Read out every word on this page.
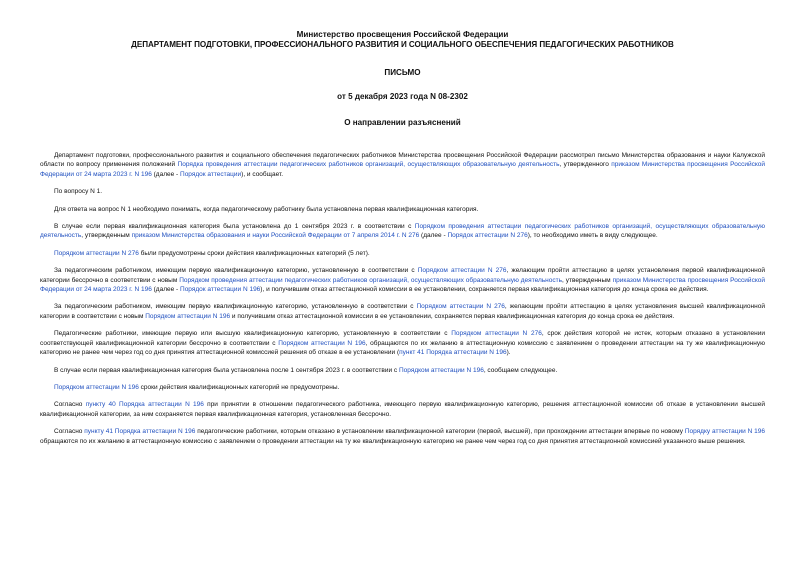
Министерство просвещения Российской Федерации
ДЕПАРТАМЕНТ ПОДГОТОВКИ, ПРОФЕССИОНАЛЬНОГО РАЗВИТИЯ И СОЦИАЛЬНОГО ОБЕСПЕЧЕНИЯ ПЕДАГОГИЧЕСКИХ РАБОТНИКОВ
ПИСЬМО
от 5 декабря 2023 года N 08-2302
О направлении разъяснений

Департамент подготовки, профессионального развития и социального обеспечения педагогических работников Министерства просвещения Российской Федерации рассмотрел письмо Министерства образования и науки Калужской области по вопросу применения положений Порядка проведения аттестации педагогических работников организаций, осуществляющих образовательную деятельность, утвержденного приказом Министерства просвещения Российской Федерации от 24 марта 2023 г. N 196 (далее - Порядок аттестации), и сообщает.

По вопросу N 1.

Для ответа на вопрос N 1 необходимо понимать, когда педагогическому работнику была установлена первая квалификационная категория.

В случае если первая квалификационная категория была установлена до 1 сентября 2023 г. в соответствии с Порядком проведения аттестации педагогических работников организаций, осуществляющих образовательную деятельность, утвержденным приказом Министерства образования и науки Российской Федерации от 7 апреля 2014 г. N 276 (далее - Порядок аттестации N 276), то необходимо иметь в виду следующее.

Порядком аттестации N 276 были предусмотрены сроки действия квалификационных категорий (5 лет).

За педагогическим работником, имеющим первую квалификационную категорию, установленную в соответствии с Порядком аттестации N 276, желающим пройти аттестацию в целях установления первой квалификационной категории бессрочно в соответствии с новым Порядком проведения аттестации педагогических работников организаций, осуществляющих образовательную деятельность, утвержденным приказом Министерства просвещения Российской Федерации от 24 марта 2023 г. N 196 (далее - Порядок аттестации N 196), и получившим отказ аттестационной комиссии в ее установлении, сохраняется первая квалификационная категория до конца срока ее действия.

За педагогическим работником, имеющим первую квалификационную категорию, установленную в соответствии с Порядком аттестации N 276, желающим пройти аттестацию в целях установления высшей квалификационной категории в соответствии с новым Порядком аттестации N 196 и получившим отказ аттестационной комиссии в ее установлении, сохраняется первая квалификационная категория до конца срока ее действия.

Педагогические работники, имеющие первую или высшую квалификационную категорию, установленную в соответствии с Порядком аттестации N 276, срок действия которой не истек, которым отказано в установлении соответствующей квалификационной категории бессрочно в соответствии с Порядком аттестации N 196, обращаются по их желанию в аттестационную комиссию с заявлением о проведении аттестации на ту же квалификационную категорию не ранее чем через год со дня принятия аттестационной комиссией решения об отказе в ее установлении (пункт 41 Порядка аттестации N 196).

В случае если первая квалификационная категория была установлена после 1 сентября 2023 г. в соответствии с Порядком аттестации N 196, сообщаем следующее.

Порядком аттестации N 196 сроки действия квалификационных категорий не предусмотрены.

Согласно пункту 40 Порядка аттестации N 196 при принятии в отношении педагогического работника, имеющего первую квалификационную категорию, решения аттестационной комиссии об отказе в установлении высшей квалификационной категории, за ним сохраняется первая квалификационная категория, установленная бессрочно.

Согласно пункту 41 Порядка аттестации N 196 педагогические работники, которым отказано в установлении квалификационной категории (первой, высшей), при прохождении аттестации впервые по новому Порядку аттестации N 196 обращаются по их желанию в аттестационную комиссию с заявлением о проведении аттестации на ту же квалификационную категорию не ранее чем через год со дня принятия аттестационной комиссией указанного выше решения.
